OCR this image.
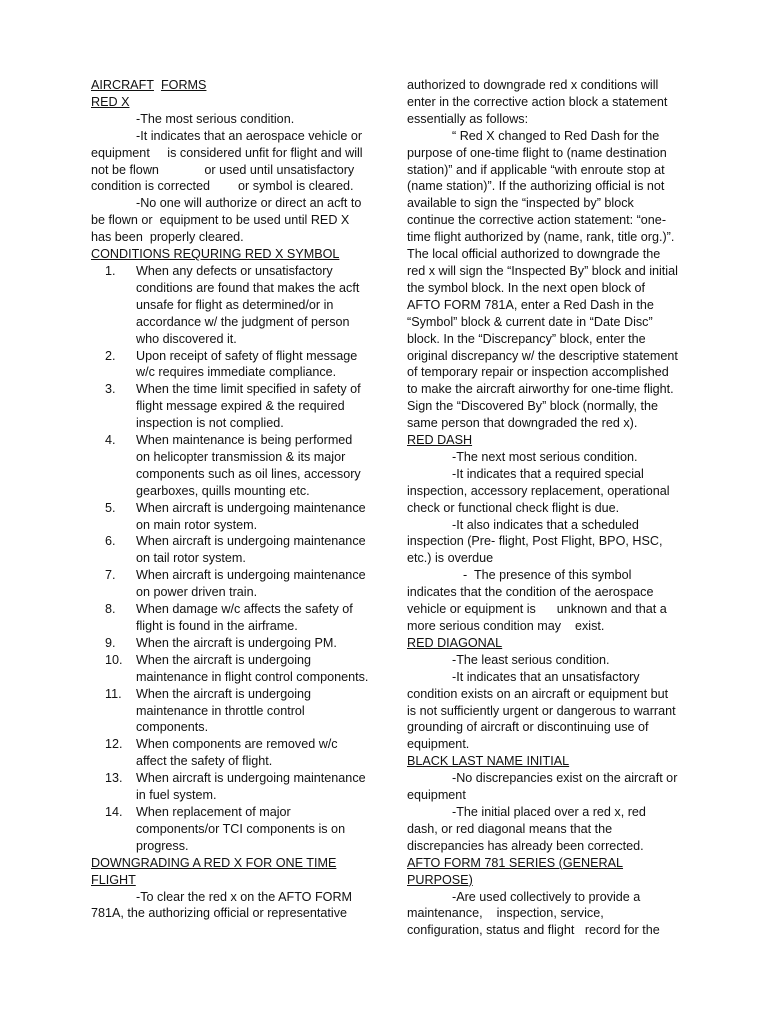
AIRCRAFT FORMS

RED X

-The most serious condition.

-It indicates that an aerospace vehicle or equipment     is considered unfit for flight and will not be flown             or used until unsatisfactory condition is corrected        or symbol is cleared.

-No one will authorize or direct an acft to be flown or  equipment to be used until RED X has been  properly cleared.

CONDITIONS REQURING RED X SYMBOL

1.	When any defects or unsatisfactory conditions are found that makes the acft unsafe for flight as determined/or in accordance w/ the judgment of person who discovered it.
2.	Upon receipt of safety of flight message w/c requires immediate compliance.
3.	When the time limit specified in safety of flight message expired & the required inspection is not complied.
4.	When maintenance is being performed on helicopter transmission & its major components such as oil lines, accessory gearboxes, quills mounting etc.
5.	When aircraft is undergoing maintenance on main rotor system.
6.	When aircraft is undergoing maintenance on tail rotor system.
7.	When aircraft is undergoing maintenance on power driven train.
8.	When damage w/c affects the safety of flight is found in the airframe.
9.	When the aircraft is undergoing PM.
10.	When the aircraft is undergoing maintenance in flight control components.
11.	When the aircraft is undergoing maintenance in throttle control components.
12.	When components are removed w/c affect the safety of flight.
13.	When aircraft is undergoing maintenance in fuel system.
14.	When replacement of major components/or TCI components is on progress.

DOWNGRADING A RED X FOR ONE TIME FLIGHT

-To clear the red x on the AFTO FORM 781A, the authorizing official or representative

authorized to downgrade red x conditions will enter in the corrective action block a statement essentially as follows:

“ Red X changed to Red Dash for the purpose of one-time flight to (name destination station)” and if applicable “with enroute stop at (name station)”. If the authorizing official is not available to sign the “inspected by” block continue the corrective action statement: “one-time flight authorized by (name, rank, title org.)”. The local official authorized to downgrade the red x will sign the “Inspected By” block and initial the symbol block. In the next open block of AFTO FORM 781A, enter a Red Dash in the “Symbol” block & current date in “Date Disc” block. In the “Discrepancy” block, enter the original discrepancy w/ the descriptive statement of temporary repair or inspection accomplished to make the aircraft airworthy for one-time flight. Sign the “Discovered By” block (normally, the same person that downgraded the red x).

RED DASH

-The next most serious condition.

-It indicates that a required special inspection, accessory replacement, operational check or functional check flight is due.

-It also indicates that a scheduled inspection (Pre- flight, Post Flight, BPO, HSC, etc.) is overdue

-  The presence of this symbol indicates that the condition of the aerospace vehicle or equipment is      unknown and that a more serious condition may    exist.

RED DIAGONAL

-The least serious condition.

-It indicates that an unsatisfactory condition exists on an aircraft or equipment but is not sufficiently urgent or dangerous to warrant grounding of aircraft or discontinuing use of equipment.

BLACK LAST NAME INITIAL

-No discrepancies exist on the aircraft or equipment

-The initial placed over a red x, red dash, or red diagonal means that the discrepancies has already been corrected.

AFTO FORM 781 SERIES (GENERAL PURPOSE)

-Are used collectively to provide a maintenance,    inspection, service, configuration, status and flight   record for the
